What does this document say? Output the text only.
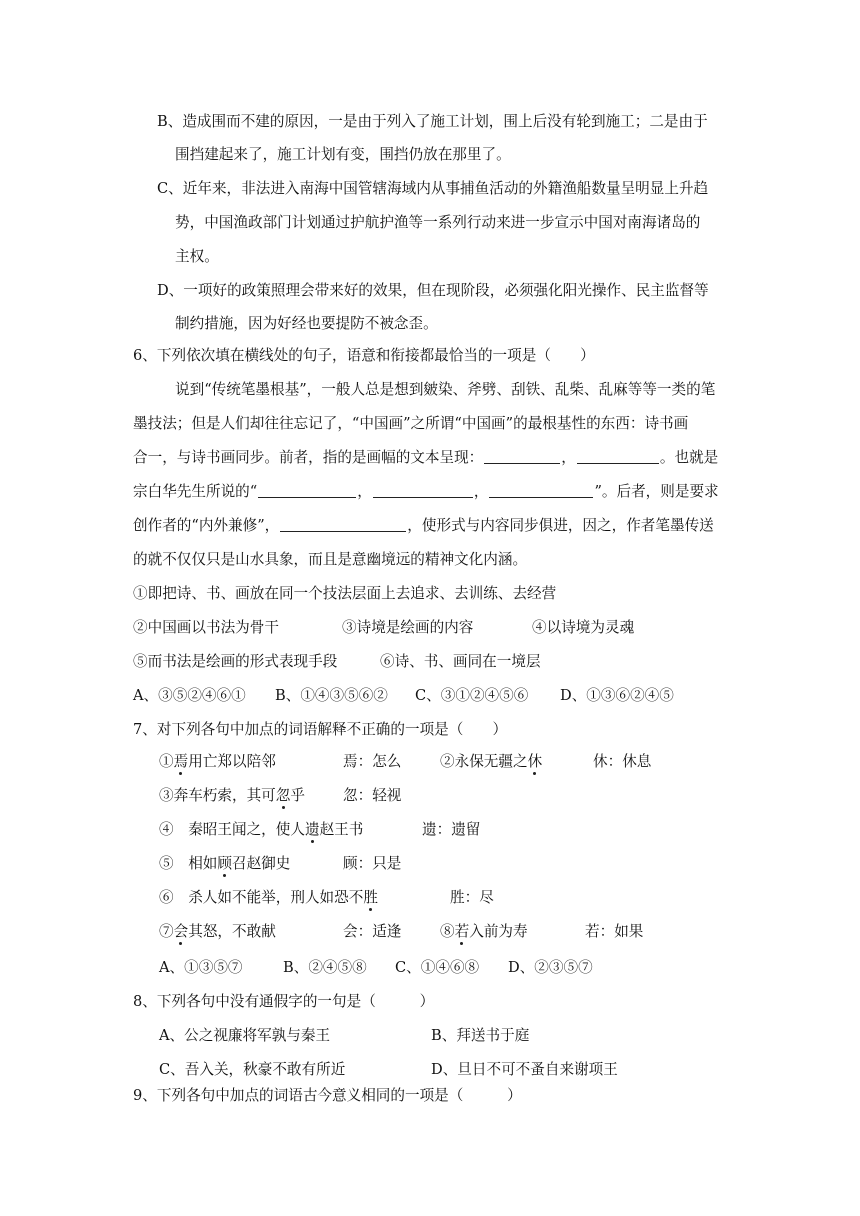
B、造成围而不建的原因，一是由于列入了施工计划，围上后没有轮到施工；二是由于
围挡建起来了，施工计划有变，围挡仍放在那里了。
C、近年来，非法进入南海中国管辖海域内从事捕鱼活动的外籍渔船数量呈明显上升趋
势，中国渔政部门计划通过护航护渔等一系列行动来进一步宣示中国对南海诸岛的
主权。
D、一项好的政策照理会带来好的效果，但在现阶段，必须强化阳光操作、民主监督等
制约措施，因为好经也要提防不被念歪。
6、下列依次填在横线处的句子，语意和衔接都最恰当的一项是（　　）
说到“传统笔墨根基”，一般人总是想到皴染、斧劈、刮铁、乱柴、乱麻等等一类的笔
墨技法；但是人们却往往忘记了，“中国画”之所谓“中国画”的最根基性的东西：诗书画
合一，与诗书画同步。前者，指的是画幅的文本呈现：	，	。也就是
宗白华先生所说的“	，	，	”。后者，则是要求
创作者的“内外兼修”，	，使形式与内容同步俱进，因之，作者笔墨传送
的就不仅仅只是山水具象，而且是意幽境远的精神文化内涵。
①即把诗、书、画放在同一个技法层面上去追求、去训练、去经营
②中国画以书法为骨干	③诗境是绘画的内容	④以诗境为灵魂
⑤而书法是绘画的形式表现手段	⑥诗、书、画同在一境层
A、③⑤②④⑥① B、①④③⑤⑥② C、③①②④⑤⑥ D、①③⑥②④⑤
7、对下列各句中加点的词语解释不正确的一项是（　　）
①焉用亡郑以陪邻	焉：怎么	②永保无疆之休	休：休息
③奔车朽索，其可忽乎	忽：轻视
④　秦昭王闻之，使人遗赵王书	遗：遗留
⑤　相如顾召赵御史	顾：只是
⑥　杀人如不能举，刑人如恐不胜	胜：尽
⑦会其怒，不敢献	会：适逢	⑧若入前为寿	若：如果
A、①③⑤⑦	B、②④⑤⑧ C、①④⑥⑧ D、②③⑤⑦
8、下列各句中没有通假字的一句是（　　　）
A、公之视廉将军孰与秦王	B、拜送书于庭
C、吾入关，秋豪不敢有所近	D、旦日不可不蚤自来谢项王
9、下列各句中加点的词语古今意义相同的一项是（　　　）
